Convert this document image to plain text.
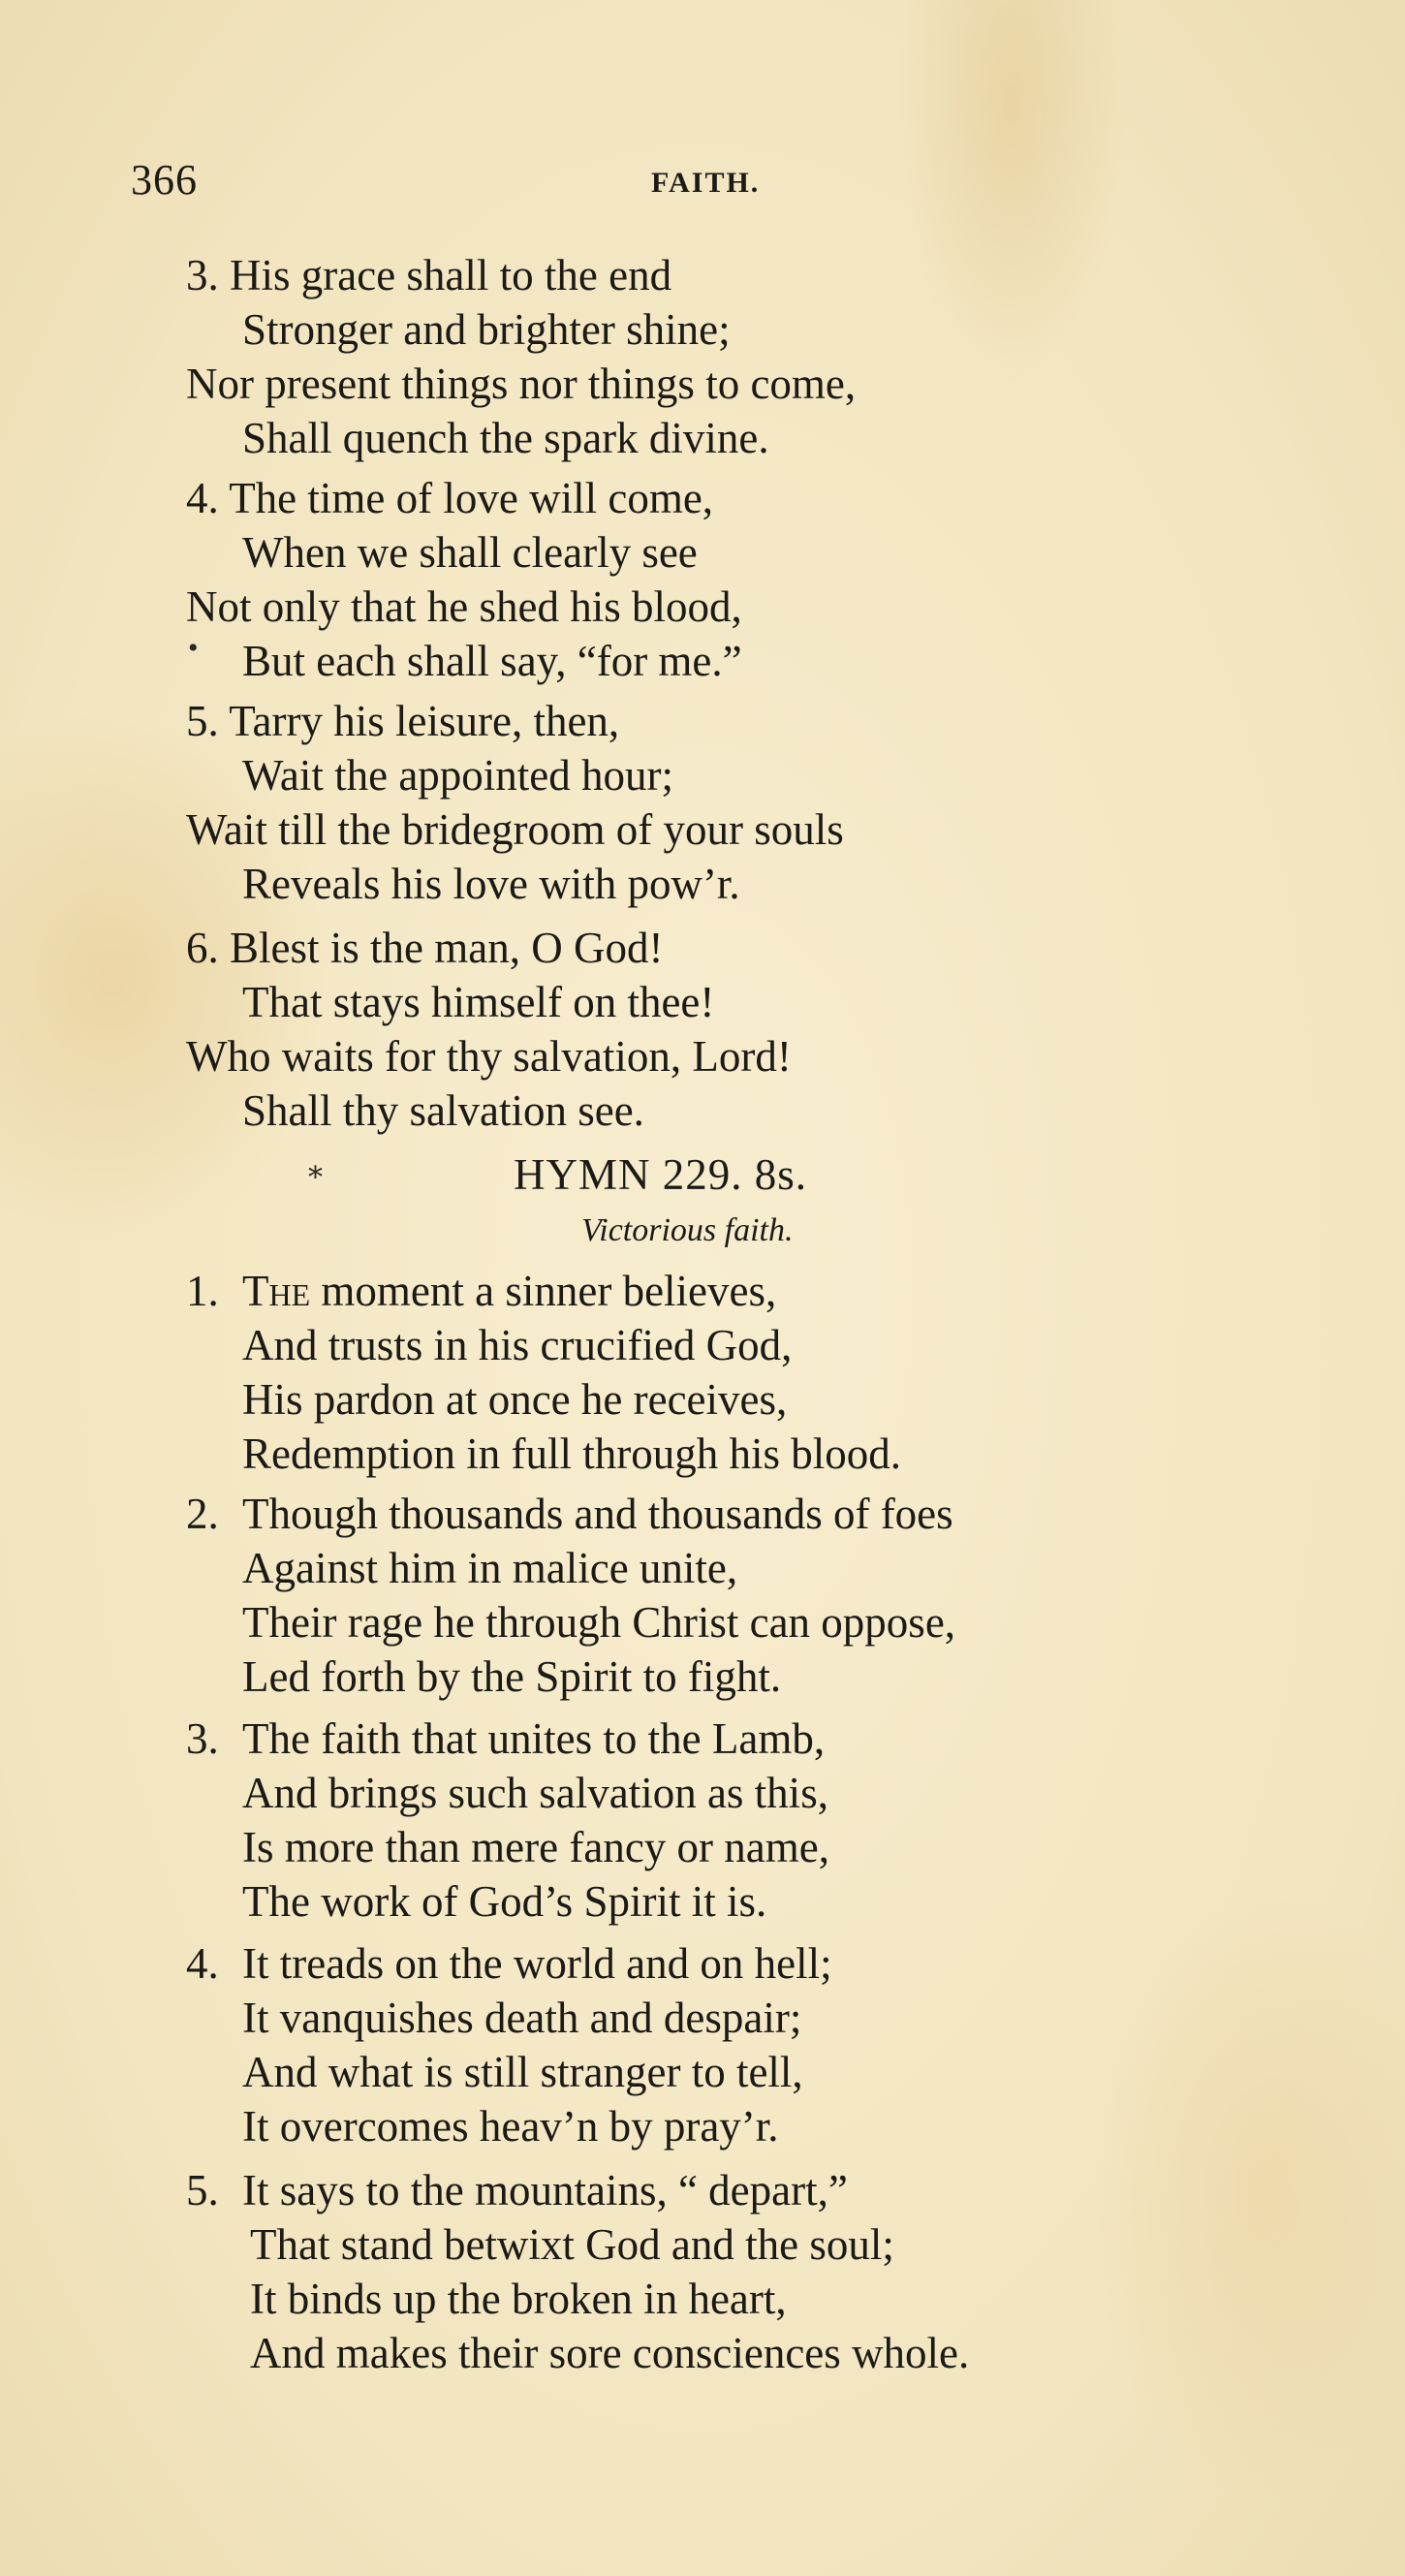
366	FAITH.
3. His grace shall to the end
Stronger and brighter shine;
Nor present things nor things to come,
Shall quench the spark divine.
4. The time of love will come,
When we shall clearly see
Not only that he shed his blood,
But each shall say, “for me.”
•
5. Tarry his leisure, then,
Wait the appointed hour;
Wait till the bridegroom of your souls
Reveals his love with pow’r.
6. Blest is the man, O God!
That stays himself on thee!
Who waits for thy salvation, Lord!
Shall thy salvation see.
⁎	HYMN 229. 8s.
Victorious faith.
1. The moment a sinner believes,
And trusts in his crucified God,
His pardon at once he receives,
Redemption in full through his blood.
2. Though thousands and thousands of foes
Against him in malice unite,
Their rage he through Christ can oppose,
Led forth by the Spirit to fight.
3. The faith that unites to the Lamb,
And brings such salvation as this,
Is more than mere fancy or name,
The work of God’s Spirit it is.
4. It treads on the world and on hell;
It vanquishes death and despair;
And what is still stranger to tell,
It overcomes heav’n by pray’r.
5. It says to the mountains, “ depart,”
That stand betwixt God and the soul;
It binds up the broken in heart,
And makes their sore consciences whole.
